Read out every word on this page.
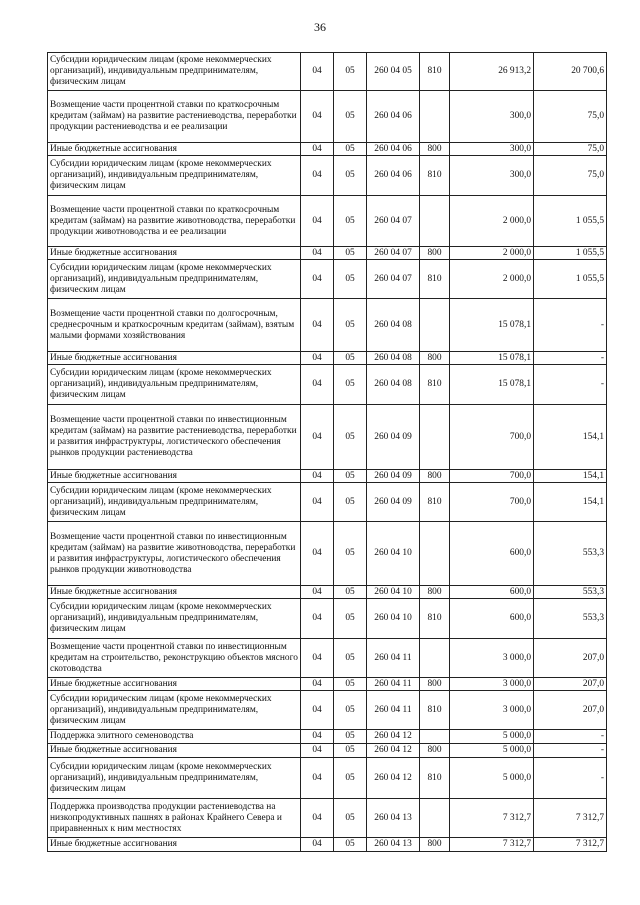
36
Субсидии юридическим лицам (кроме некоммерческих организаций), индивидуальным предпринимателям, физическим лицам	04	05	260 04 05	810	26 913,2	20 700,6
Возмещение части процентной ставки по краткосрочным кредитам (займам) на развитие растениеводства, переработки продукции растениеводства и ее реализации	04	05	260 04 06		300,0	75,0
Иные бюджетные ассигнования	04	05	260 04 06	800	300,0	75,0
Субсидии юридическим лицам (кроме некоммерческих организаций), индивидуальным предпринимателям, физическим лицам	04	05	260 04 06	810	300,0	75,0
Возмещение части процентной ставки по краткосрочным кредитам (займам) на развитие животноводства, переработки продукции животноводства и ее реализации	04	05	260 04 07		2 000,0	1 055,5
Иные бюджетные ассигнования	04	05	260 04 07	800	2 000,0	1 055,5
Субсидии юридическим лицам (кроме некоммерческих организаций), индивидуальным предпринимателям, физическим лицам	04	05	260 04 07	810	2 000,0	1 055,5
Возмещение части процентной ставки по долгосрочным, среднесрочным и краткосрочным кредитам (займам), взятым малыми формами хозяйствования	04	05	260 04 08		15 078,1	-
Иные бюджетные ассигнования	04	05	260 04 08	800	15 078,1	-
Субсидии юридическим лицам (кроме некоммерческих организаций), индивидуальным предпринимателям, физическим лицам	04	05	260 04 08	810	15 078,1	-
Возмещение части процентной ставки по инвестиционным кредитам (займам) на развитие растениеводства, переработки и развития инфраструктуры, логистического обеспечения рынков продукции растениеводства	04	05	260 04 09		700,0	154,1
Иные бюджетные ассигнования	04	05	260 04 09	800	700,0	154,1
Субсидии юридическим лицам (кроме некоммерческих организаций), индивидуальным предпринимателям, физическим лицам	04	05	260 04 09	810	700,0	154,1
Возмещение части процентной ставки по инвестиционным кредитам (займам) на развитие животноводства, переработки и развития инфраструктуры, логистического обеспечения рынков продукции животноводства	04	05	260 04 10		600,0	553,3
Иные бюджетные ассигнования	04	05	260 04 10	800	600,0	553,3
Субсидии юридическим лицам (кроме некоммерческих организаций), индивидуальным предпринимателям, физическим лицам	04	05	260 04 10	810	600,0	553,3
Возмещение части процентной ставки по инвестиционным кредитам на строительство, реконструкцию объектов мясного скотоводства	04	05	260 04 11		3 000,0	207,0
Иные бюджетные ассигнования	04	05	260 04 11	800	3 000,0	207,0
Субсидии юридическим лицам (кроме некоммерческих организаций), индивидуальным предпринимателям, физическим лицам	04	05	260 04 11	810	3 000,0	207,0
Поддержка элитного семеноводства	04	05	260 04 12		5 000,0	-
Иные бюджетные ассигнования	04	05	260 04 12	800	5 000,0	-
Субсидии юридическим лицам (кроме некоммерческих организаций), индивидуальным предпринимателям, физическим лицам	04	05	260 04 12	810	5 000,0	-
Поддержка производства продукции растениеводства на низкопродуктивных пашнях в районах Крайнего Севера и приравненных к ним местностях	04	05	260 04 13		7 312,7	7 312,7
Иные бюджетные ассигнования	04	05	260 04 13	800	7 312,7	7 312,7
